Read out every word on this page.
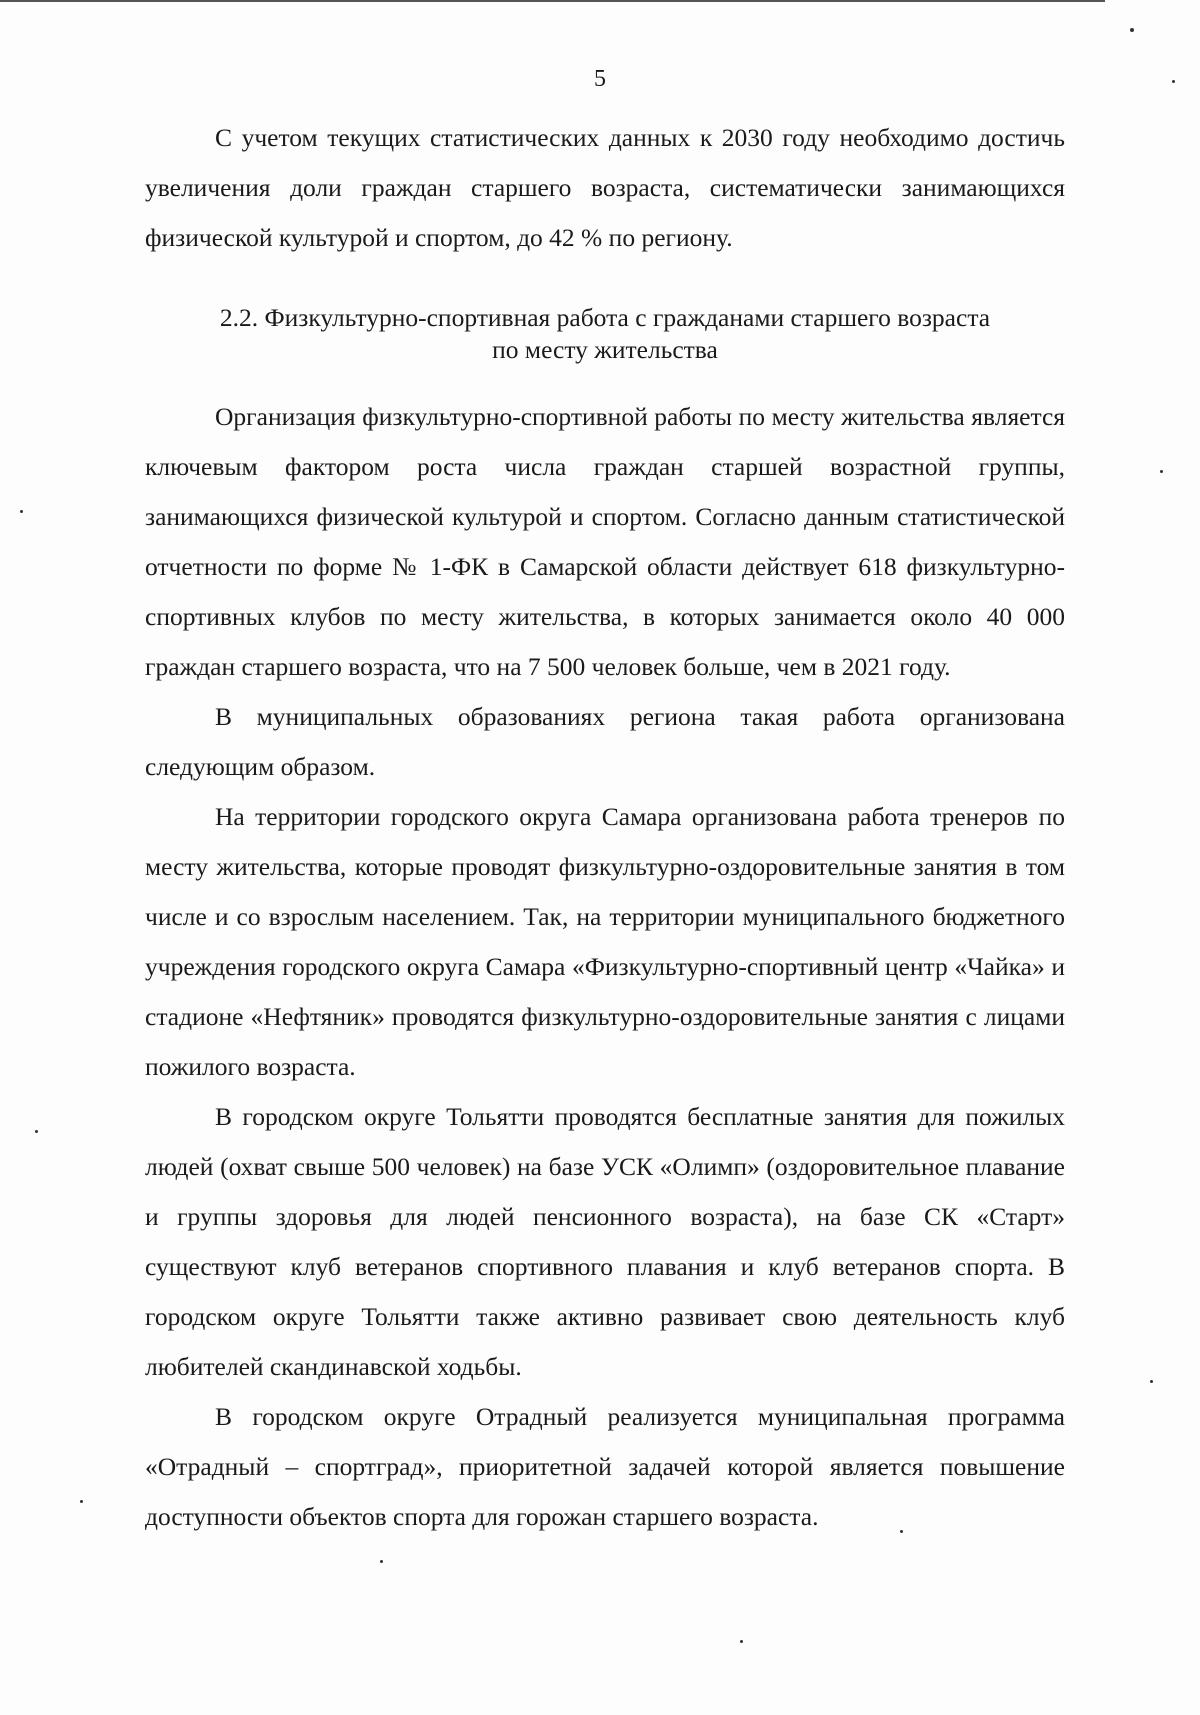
5

С учетом текущих статистических данных к 2030 году необходимо достичь увеличения доли граждан старшего возраста, систематически занимающихся физической культурой и спортом, до 42 % по региону.

2.2. Физкультурно-спортивная работа с гражданами старшего возраста
по месту жительства

Организация физкультурно-спортивной работы по месту жительства является ключевым фактором роста числа граждан старшей возрастной группы, занимающихся физической культурой и спортом. Согласно данным статистической отчетности по форме № 1-ФК в Самарской области действует 618 физкультурно-спортивных клубов по месту жительства, в которых занимается около 40 000 граждан старшего возраста, что на 7 500 человек больше, чем в 2021 году.

В муниципальных образованиях региона такая работа организована следующим образом.

На территории городского округа Самара организована работа тренеров по месту жительства, которые проводят физкультурно-оздоровительные занятия в том числе и со взрослым населением. Так, на территории муниципального бюджетного учреждения городского округа Самара «Физкультурно-спортивный центр «Чайка» и стадионе «Нефтяник» проводятся физкультурно-оздоровительные занятия с лицами пожилого возраста.

В городском округе Тольятти проводятся бесплатные занятия для пожилых людей (охват свыше 500 человек) на базе УСК «Олимп» (оздоровительное плавание и группы здоровья для людей пенсионного возраста), на базе СК «Старт» существуют клуб ветеранов спортивного плавания и клуб ветеранов спорта. В городском округе Тольятти также активно развивает свою деятельность клуб любителей скандинавской ходьбы.

В городском округе Отрадный реализуется муниципальная программа «Отрадный – спортград», приоритетной задачей которой является повышение доступности объектов спорта для горожан старшего возраста.
